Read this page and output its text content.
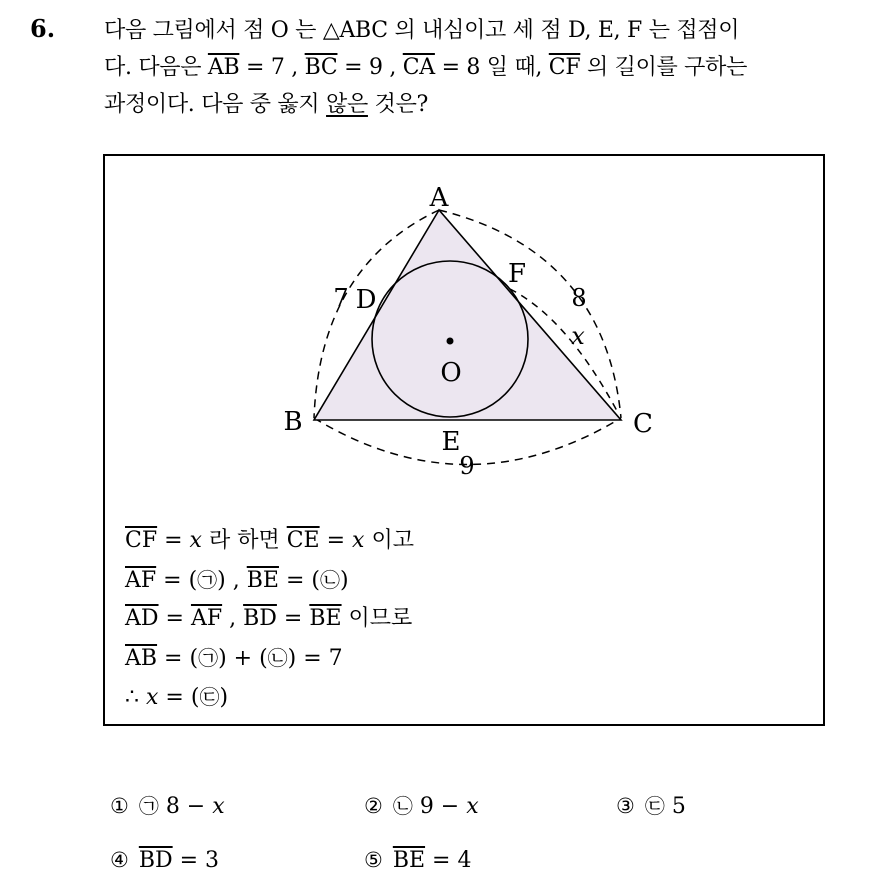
6. 다음 그림에서 점 O 는 △ABC 의 내심이고 세 점 D, E, F 는 접점이
다. 다음은 $\overline{AB} = 7$ , $\overline{BC} = 9$ , $\overline{CA} = 8$ 일 때, $\overline{CF}$ 의 길이를 구하는
과정이다. 다음 중 옳지 않은 것은?
A
B	C
D
E
F
O
7	8
9
x
$\overline{CF} = x$ 라 하면 $\overline{CE} = x$ 이고
$\overline{AF}$ = (㉠) , $\overline{BE}$ = (㉡)
$\overline{AD} = \overline{AF}$ , $\overline{BD} = \overline{BE}$ 이므로
$\overline{AB}$ = (㉠) + (㉡) = 7
∴ x = (㉢)
① ㉠ 8 − x	② ㉡ 9 − x	③ ㉢ 5
④ $\overline{BD} = 3$	⑤ $\overline{BE} = 4$
